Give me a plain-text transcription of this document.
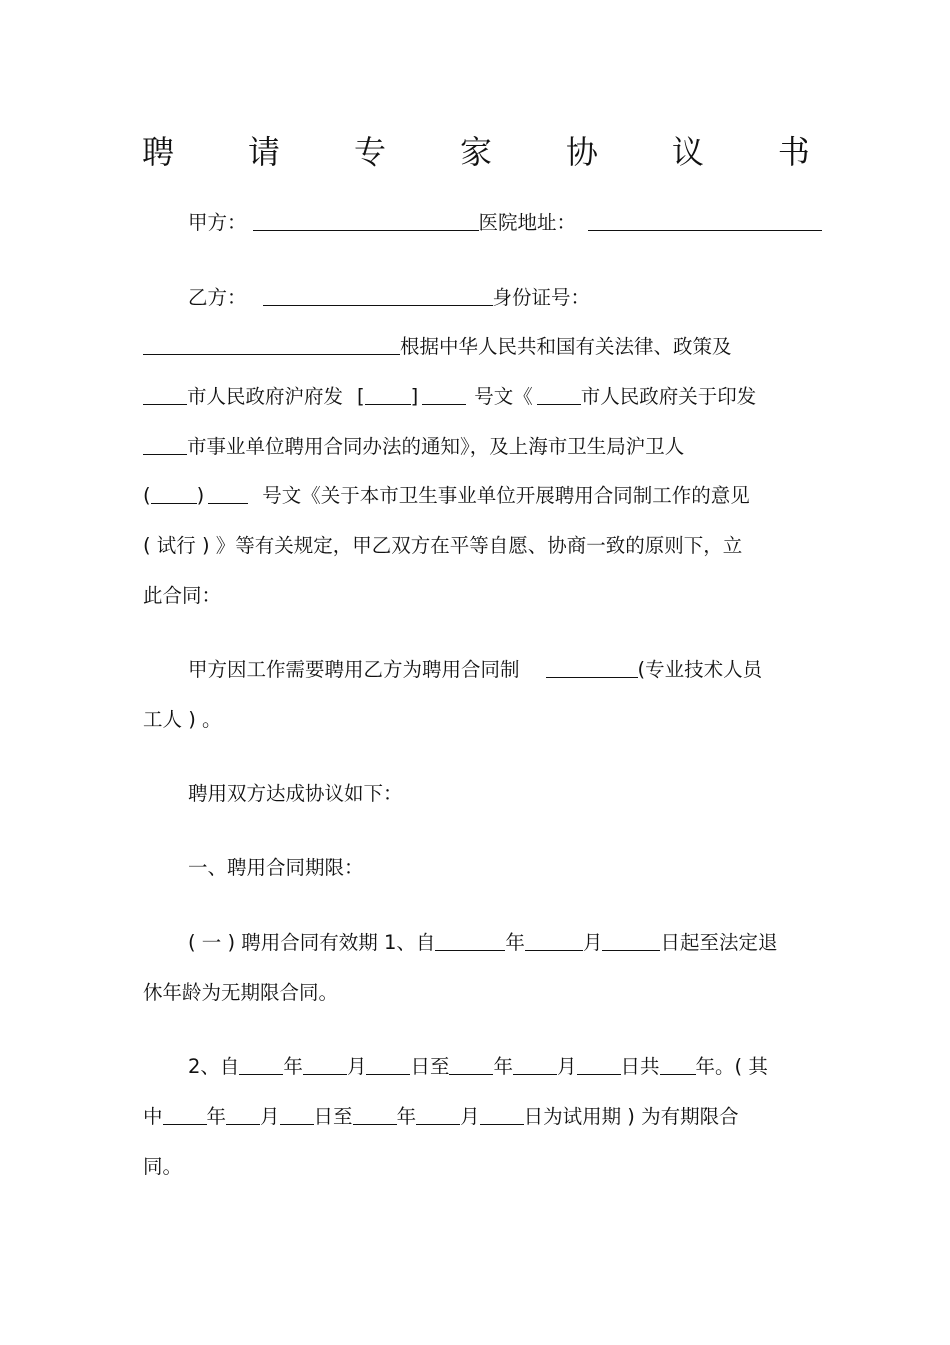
聘 请 专 家 协 议 书
甲方：	医院地址：
乙方：	身份证号：
根据中华人民共和国有关法律、政策及
市人民政府沪府发 [ ]	号文《 市人民政府关于印发
市事业单位聘用合同办法的通知》，及上海市卫生局沪卫人
( )	号文《关于本市卫生事业单位开展聘用合同制工作的意见
( 试行 ) 》等有关规定，甲乙双方在平等自愿、协商一致的原则下，立
此合同：
甲方因工作需要聘用乙方为聘用合同制	(专业技术人员
工人 ) 。
聘用双方达成协议如下：
一、聘用合同期限：
( 一 ) 聘用合同有效期 1、自	年	月	日起至法定退
休年龄为无期限合同。
2、自 年 月 日至 年 月 日共 年。( 其
中 年 月 日至 年 月 日为试用期 ) 为有期限合
同。
